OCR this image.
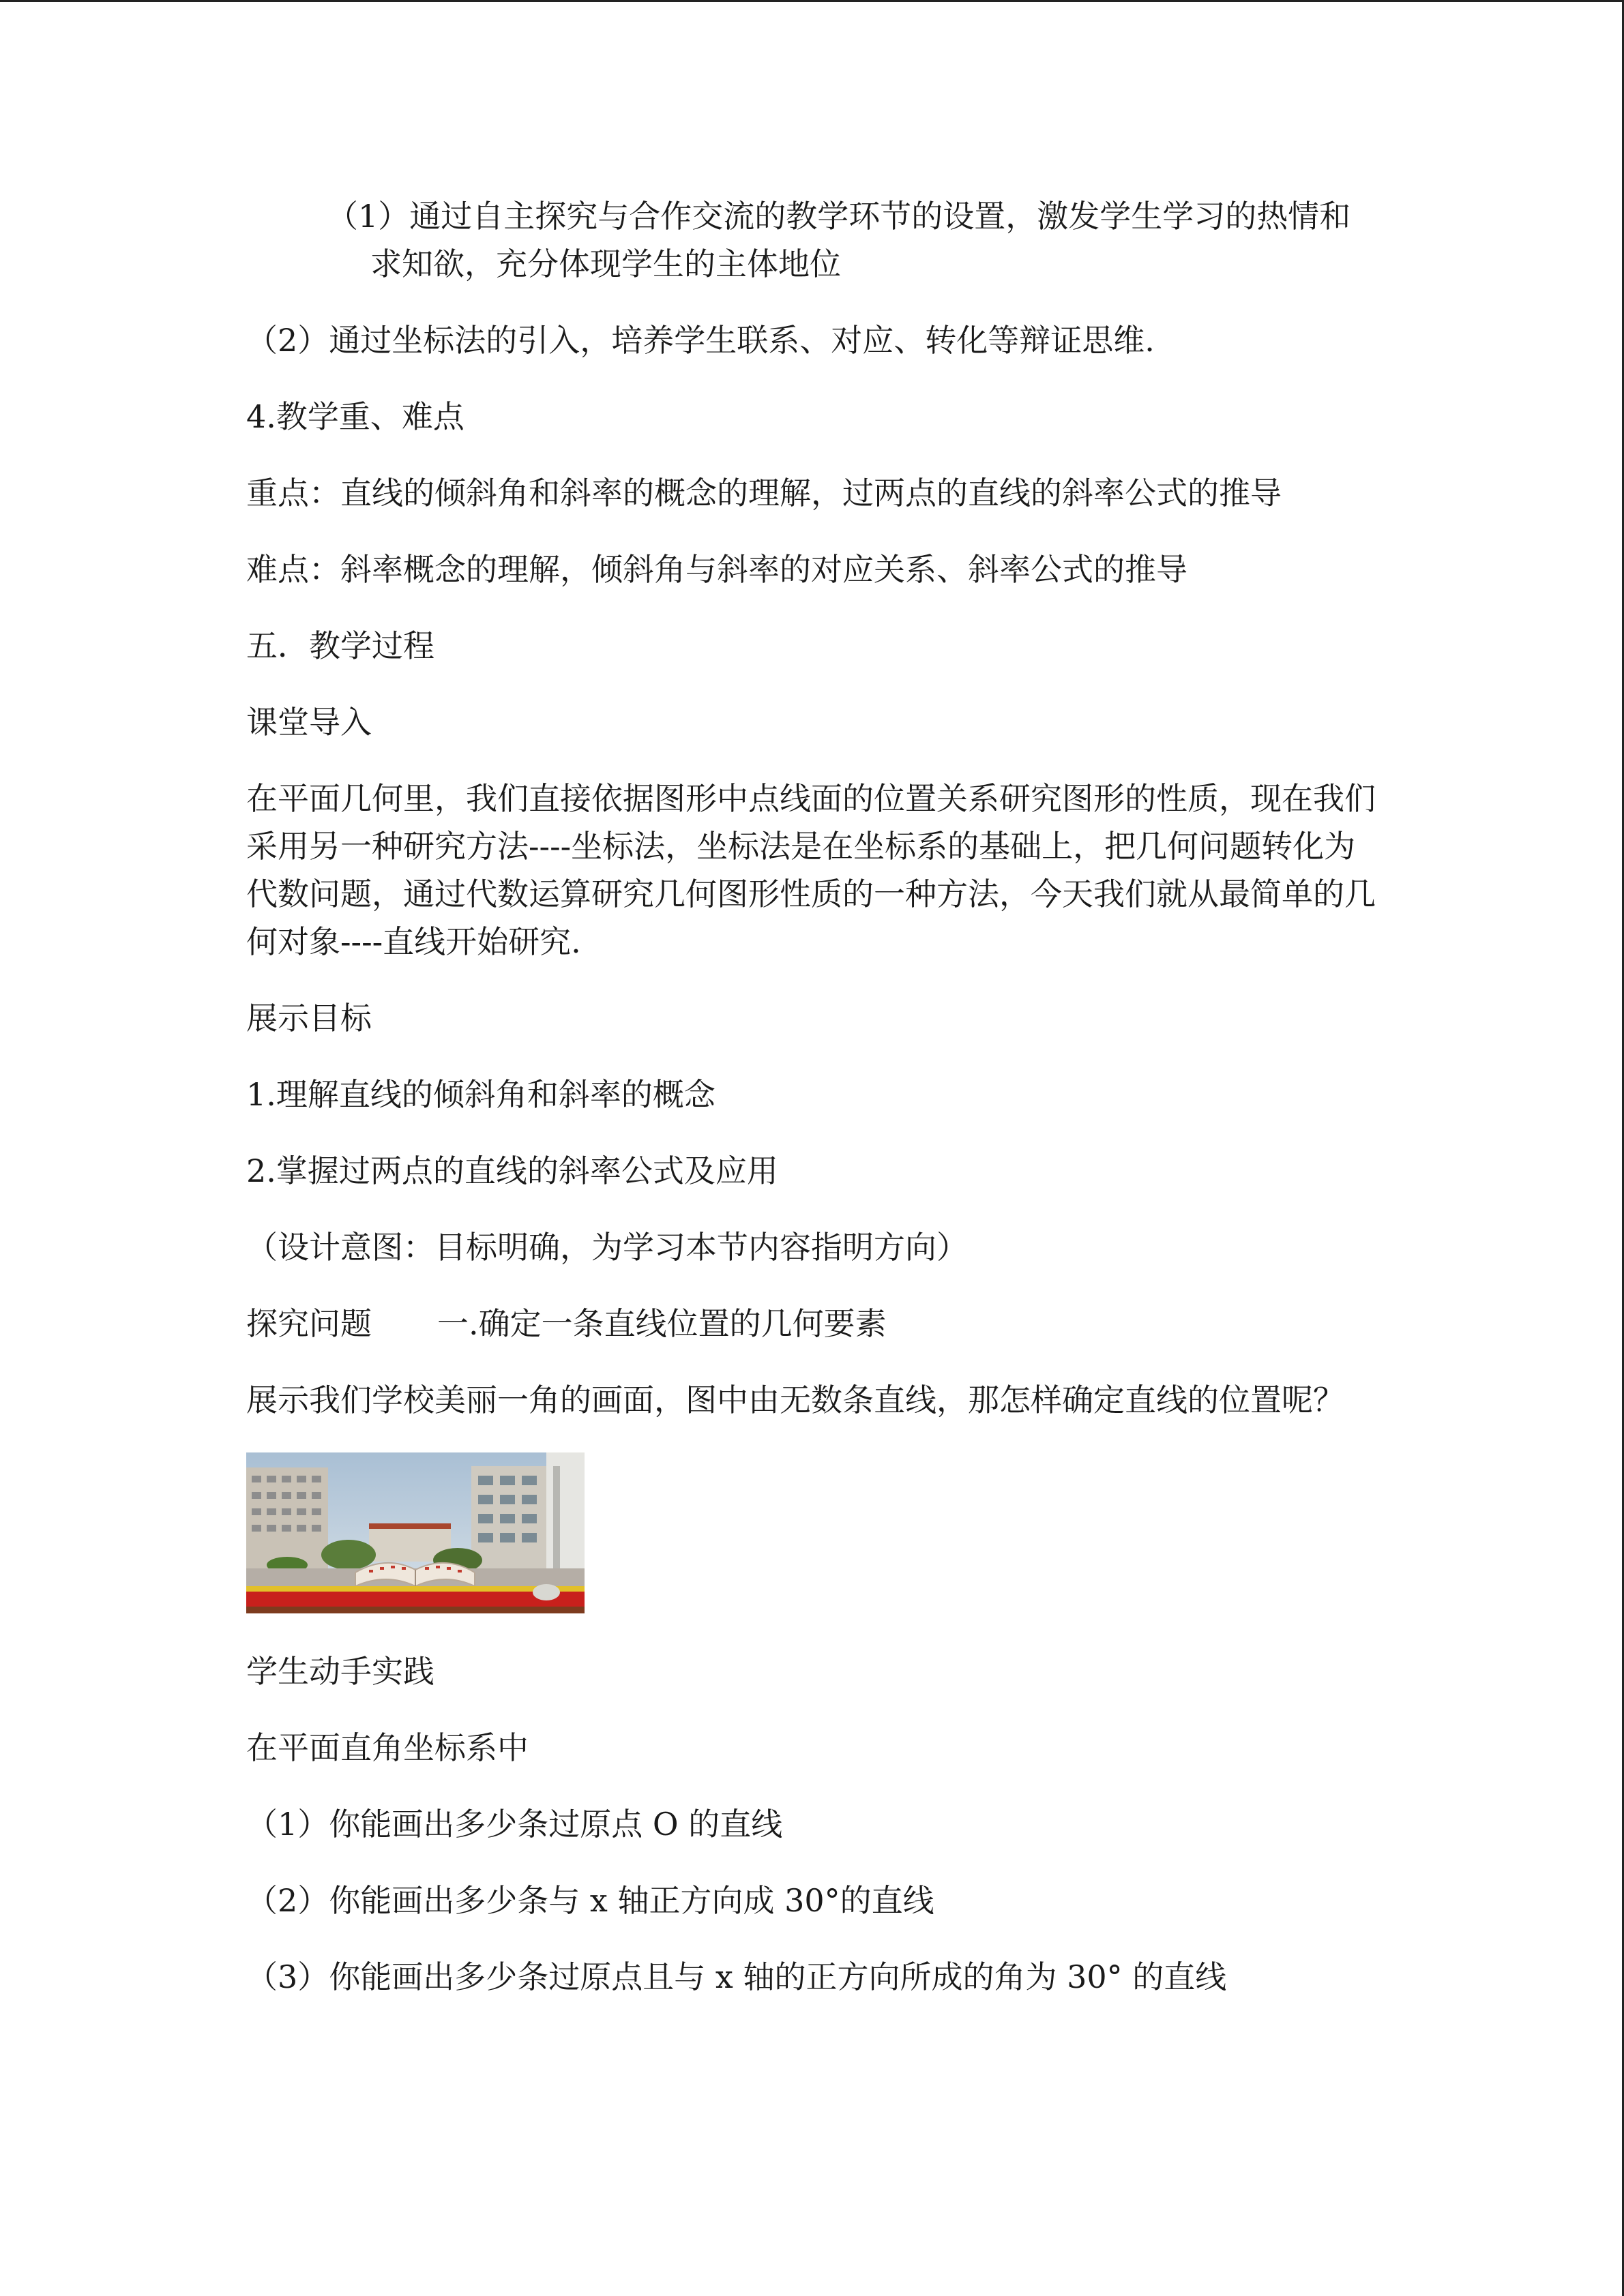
（1）通过自主探究与合作交流的教学环节的设置，激发学生学习的热情和求知欲，充分体现学生的主体地位

（2）通过坐标法的引入，培养学生联系、对应、转化等辩证思维.

4.教学重、难点

重点：直线的倾斜角和斜率的概念的理解，过两点的直线的斜率公式的推导

难点：斜率概念的理解，倾斜角与斜率的对应关系、斜率公式的推导

五．教学过程

课堂导入

在平面几何里，我们直接依据图形中点线面的位置关系研究图形的性质，现在我们采用另一种研究方法----坐标法，坐标法是在坐标系的基础上，把几何问题转化为代数问题，通过代数运算研究几何图形性质的一种方法，今天我们就从最简单的几何对象----直线开始研究.

展示目标

1.理解直线的倾斜角和斜率的概念

2.掌握过两点的直线的斜率公式及应用

（设计意图：目标明确，为学习本节内容指明方向）

探究问题 一.确定一条直线位置的几何要素

展示我们学校美丽一角的画面，图中由无数条直线，那怎样确定直线的位置呢？

学生动手实践

在平面直角坐标系中

（1）你能画出多少条过原点 O 的直线

（2）你能画出多少条与 x 轴正方向成 30°的直线

（3）你能画出多少条过原点且与 x 轴的正方向所成的角为 30° 的直线
